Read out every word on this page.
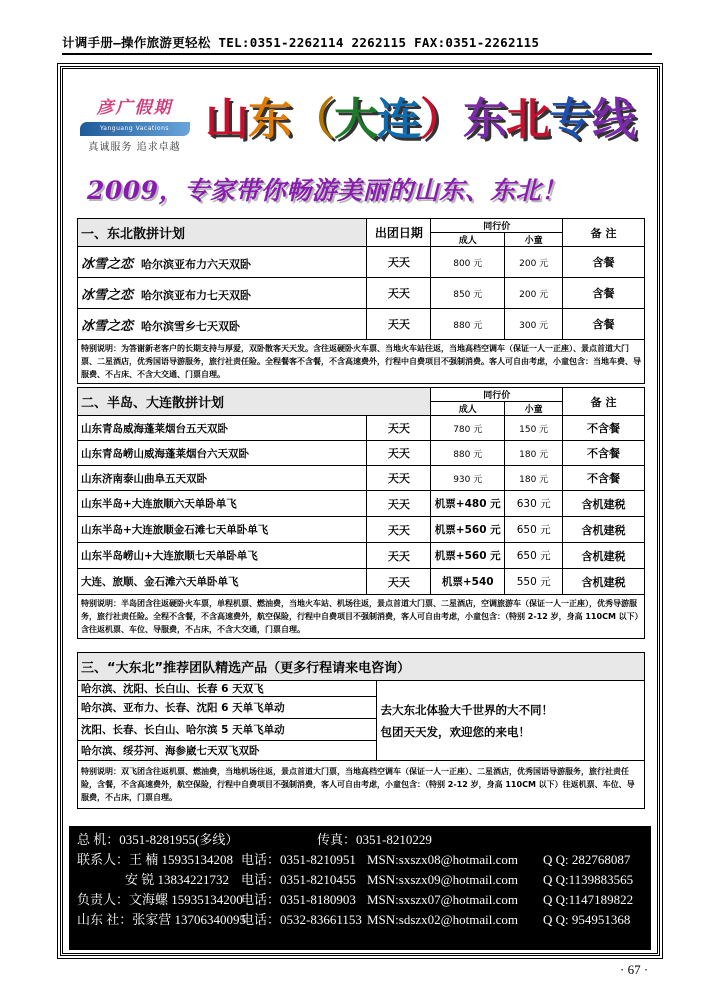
计调手册—操作旅游更轻松 TEL:0351-2262114 2262115 FAX:0351-2262115
彦广假期
Yanguang Vacations
真诚服务 追求卓越
山东（大连）东北专线
2009，专家带你畅游美丽的山东、东北！
一、东北散拼计划	出团日期	同行价		备 注
		成人	小童	
冰雪之恋 哈尔滨亚布力六天双卧	天天	800 元	200 元	含餐
冰雪之恋 哈尔滨亚布力七天双卧	天天	850 元	200 元	含餐
冰雪之恋 哈尔滨雪乡七天双卧	天天	880 元	300 元	含餐
特别说明：为答谢新老客户的长期支持与厚爱，双卧散客天天发。含往返硬卧火车票、当地火车站往返，当地高档空调车（保证一人一正座）、景点首道大门票、二星酒店，优秀国语导游服务，旅行社责任险。全程餐客不含餐，不含高速费外，行程中自费项目不强制消费。客人可自由考虑，小童包含：当地车费、导服费、不占床、不含大交通、门票自理。				
二、半岛、大连散拼计划		同行价		备 注
		成人	小童	
山东青岛威海蓬莱烟台五天双卧	天天	780 元	150 元	不含餐
山东青岛崂山威海蓬莱烟台六天双卧	天天	880 元	180 元	不含餐
山东济南泰山曲阜五天双卧	天天	930 元	180 元	不含餐
山东半岛+大连旅顺六天单卧单飞	天天	机票+480 元	630 元	含机建税
山东半岛+大连旅顺金石滩七天单卧单飞	天天	机票+560 元	650 元	含机建税
山东半岛崂山+大连旅顺七天单卧单飞	天天	机票+560 元	650 元	含机建税
大连、旅顺、金石滩六天单卧单飞	天天	机票+540	550 元	含机建税
特别说明：半岛团含往返硬卧火车票，单程机票、燃油费，当地火车站、机场往返，景点首道大门票、二星酒店，空调旅游车（保证一人一正座），优秀导游服务，旅行社责任险。全程不含餐，不含高速费外，航空保险，行程中自费项目不强制消费，客人可自由考虑，小童包含：（特别 2-12 岁，身高 110CM 以下）含往返机票、车位、导服费，不占床，不含大交通，门票自理。				
三、“大东北”推荐团队精选产品（更多行程请来电咨询）
哈尔滨、沈阳、长白山、长春 6 天双飞	
去大东北体验大千世界的大不同！
包团天天发，欢迎您的来电！

哈尔滨、亚布力、长春、沈阳 6 天单飞单动
沈阳、长春、长白山、哈尔滨 5 天单飞单动
哈尔滨、绥芬河、海参崴七天双飞双卧
特别说明：双飞团含往返机票、燃油费，当地机场往返，景点首道大门票，当地高档空调车（保证一人一正座）、二星酒店，优秀国语导游服务，旅行社责任险，含餐，不含高速费外，航空保险，行程中自费项目不强制消费，客人可自由考虑，小童包含：（特别 2-12 岁，身高 110CM 以下）往返机票、车位、导服费，不占床，门票自理。
总 机：0351-8281955(多线）	传真：0351-8210229
联系人：王 楠 15935134208 电话：0351-8210951 MSN:sxszx08@hotmail.com Q Q: 282768087
安 锐 13834221732 电话：0351-8210455 MSN:sxszx09@hotmail.com Q Q:1139883565
负责人：文海螺 15935134200
电话：0351-8180903 MSN:sxszx07@hotmail.com Q Q:1147189822
山东 社：张家营 13706340095
电话：0532-83661153 MSN:sdszx02@hotmail.com Q Q: 954951368
· 67 ·
